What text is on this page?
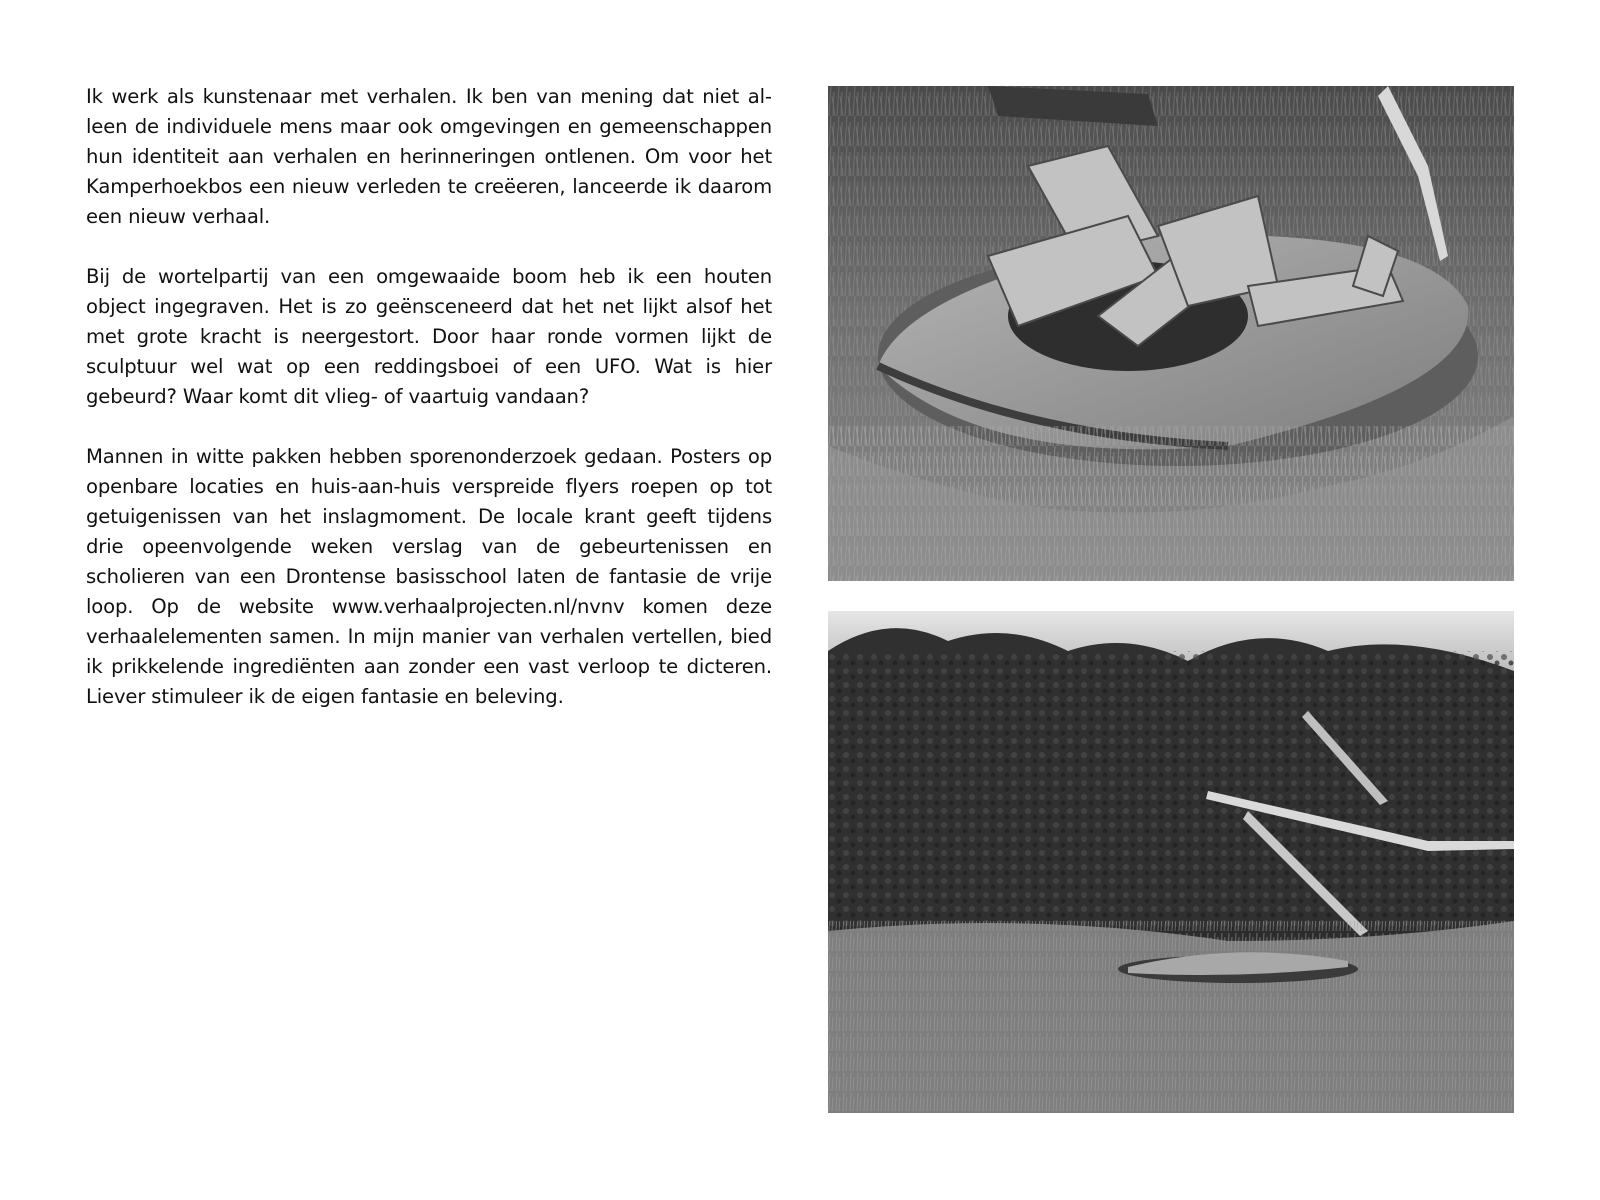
Ik werk als kunstenaar met verhalen. Ik ben van mening dat niet alleen de individuele mens maar ook omgevingen en gemeenschappen hun identiteit aan verhalen en herinneringen ontlenen. Om voor het Kamperhoekbos een nieuw verleden te creëeren, lanceerde ik daarom een nieuw verhaal.

Bij de wortelpartij van een omgewaaide boom heb ik een houten object ingegraven. Het is zo geënsceneerd dat het net lijkt alsof het met grote kracht is neergestort. Door haar ronde vormen lijkt de sculptuur wel wat op een reddingsboei of een UFO. Wat is hier gebeurd? Waar komt dit vlieg- of vaartuig vandaan?

Mannen in witte pakken hebben sporenonderzoek gedaan. Posters op openbare locaties en huis-aan-huis verspreide flyers roepen op tot getuigenissen van het inslagmoment. De locale krant geeft tijdens drie opeenvolgende weken verslag van de gebeurtenissen en scholieren van een Drontense basisschool laten de fantasie de vrije loop. Op de website www.verhaalprojecten.nl/nvnv komen deze verhaalelementen samen. In mijn manier van verhalen vertellen, bied ik prikkelende ingrediënten aan zonder een vast verloop te dicteren. Liever stimuleer ik de eigen fantasie en beleving.
